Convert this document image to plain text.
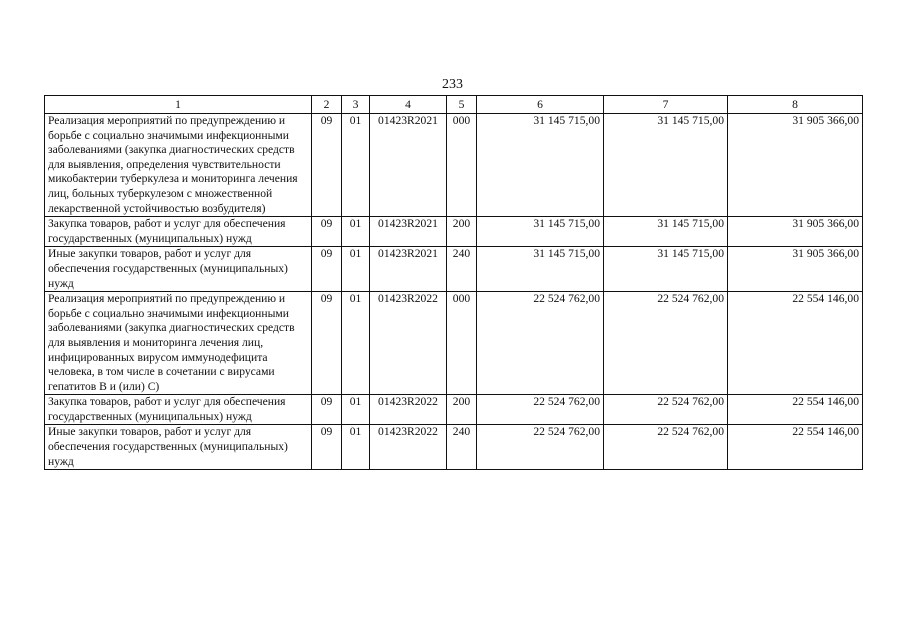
233
1	2	3	4	5	6	7	8
Реализация мероприятий по предупреждению и борьбе с социально значимыми инфекционными заболеваниями (закупка диагностических средств для выявления, определения чувствительности микобактерии туберкулеза и мониторинга лечения лиц, больных туберкулезом с множественной лекарственной устойчивостью возбудителя)	09	01	01423R2021	000	31 145 715,00	31 145 715,00	31 905 366,00
Закупка товаров, работ и услуг для обеспечения государственных (муниципальных) нужд	09	01	01423R2021	200	31 145 715,00	31 145 715,00	31 905 366,00
Иные закупки товаров, работ и услуг для обеспечения государственных (муниципальных) нужд	09	01	01423R2021	240	31 145 715,00	31 145 715,00	31 905 366,00
Реализация мероприятий по предупреждению и борьбе с социально значимыми инфекционными заболеваниями (закупка диагностических средств для выявления и мониторинга лечения лиц, инфицированных вирусом иммунодефицита человека, в том числе в сочетании с вирусами гепатитов В и (или) С)	09	01	01423R2022	000	22 524 762,00	22 524 762,00	22 554 146,00
Закупка товаров, работ и услуг для обеспечения государственных (муниципальных) нужд	09	01	01423R2022	200	22 524 762,00	22 524 762,00	22 554 146,00
Иные закупки товаров, работ и услуг для обеспечения государственных (муниципальных) нужд	09	01	01423R2022	240	22 524 762,00	22 524 762,00	22 554 146,00
